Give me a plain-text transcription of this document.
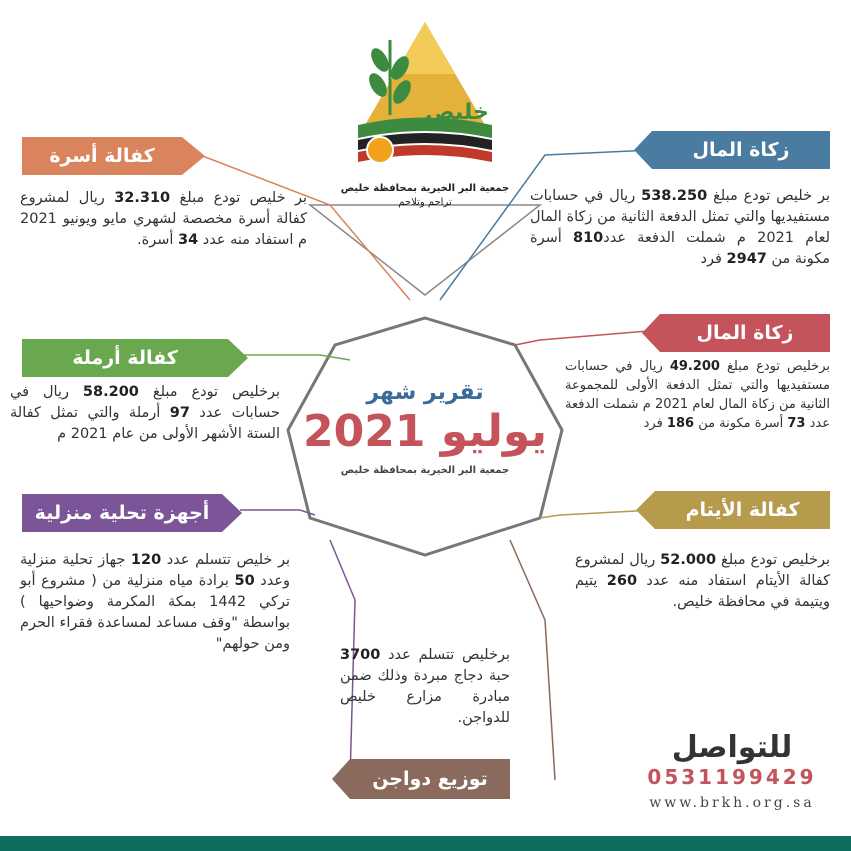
خليص
جمعية البر الخيرية بمحافظة خليص
تراحم وتلاحم
زكاة المال
كفالة أسرة
زكاة المال
كفالة أرملة
كفالة الأيتام
أجهزة تحلية منزلية
توزيع دواجن
بر خليص تودع مبلغ 538.250 ريال في حسابات مستفيديها والتي تمثل الدفعة الثانية من زكاة المال لعام 2021 م شملت الدفعة عدد810 أسرة مكونة من 2947 فرد
بر خليص تودع مبلغ 32.310 ريال لمشروع كفالة أسرة مخصصة لشهري مايو ويونيو 2021 م استفاد منه عدد 34 أسرة.
برخليص تودع مبلغ 49.200 ريال في حسابات مستفيديها والتي تمثل الدفعة الأولى للمجموعة الثانية من زكاة المال لعام 2021 م شملت الدفعة عدد 73 أسرة مكونة من 186 فرد
برخليص تودع مبلغ 58.200 ريال في حسابات عدد 97 أرملة والتي تمثل كفالة الستة الأشهر الأولى من عام 2021 م
برخليص تودع مبلغ 52.000 ريال لمشروع كفالة الأيتام استفاد منه عدد 260 يتيم ويتيمة في محافظة خليص.
بر خليص تتسلم عدد 120 جهاز تحلية منزلية وعدد 50 برادة مياه منزلية من ( مشروع أبو تركي 1442 بمكة المكرمة وضواحيها ) بواسطة "وقف مساعد لمساعدة فقراء الحرم ومن حولهم"
برخليص تتسلم عدد 3700 حبة دجاج مبردة وذلك ضمن مبادرة مزارع خليص للدواجن.
تقرير شهر
يوليو 2021
جمعية البر الخيرية بمحافظة خليص
للتواصل
0531199429
www.brkh.org.sa
